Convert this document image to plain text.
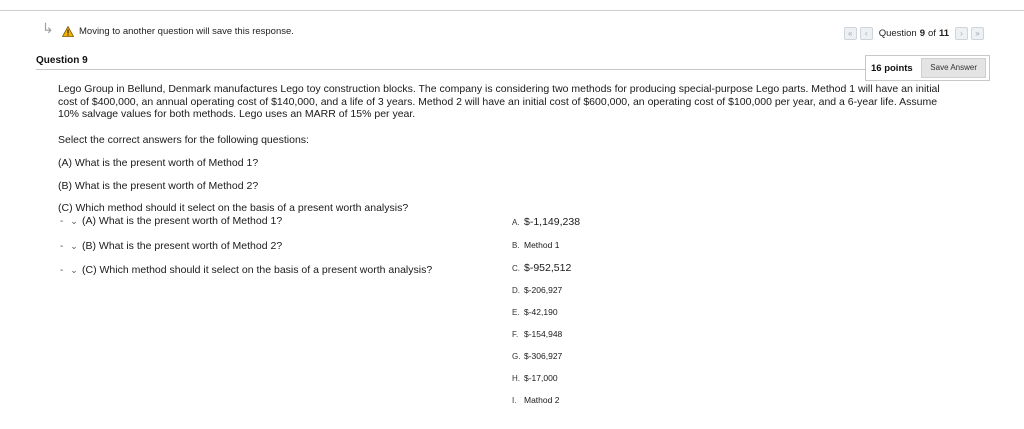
↳	Moving to another question will save this response.	«	‹	Question 9 of 11	›	»
Question 9
16 points	Save Answer
Lego Group in Bellund, Denmark manufactures Lego toy construction blocks. The company is considering two methods for producing special-purpose Lego parts. Method 1 will have an initial cost of $400,000, an annual operating cost of $140,000, and a life of 3 years. Method 2 will have an initial cost of $600,000, an operating cost of $100,000 per year, and a 6-year life. Assume 10% salvage values for both methods. Lego uses an MARR of 15% per year.
Select the correct answers for the following questions:
(A) What is the present worth of Method 1?
(B) What is the present worth of Method 2?
(C) Which method should it select on the basis of a present worth analysis?
- ⌄ (A) What is the present worth of Method 1?
- ⌄ (B) What is the present worth of Method 2?
- ⌄ (C) Which method should it select on the basis of a present worth analysis?
A. $-1,149,238
B. Method 1
C. $-952,512
D. $-206,927
E. $-42,190
F. $-154,948
G. $-306,927
H. $-17,000
I. Mathod 2
